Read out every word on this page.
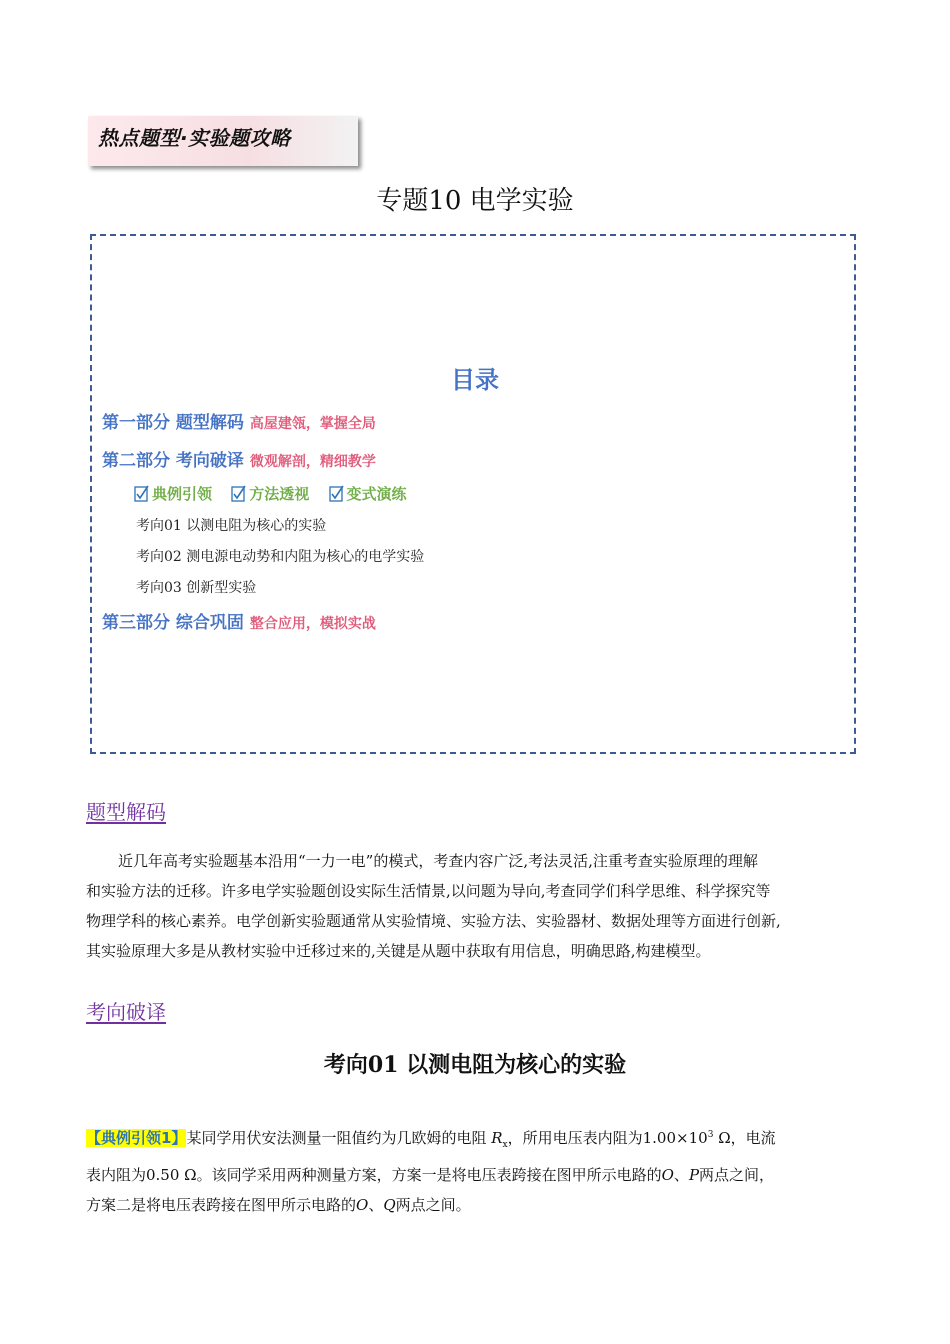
热点题型·实验题攻略
专题10 电学实验
目录
第一部分 题型解码 高屋建瓴，掌握全局
第二部分 考向破译 微观解剖，精细教学
典例引领 方法透视 变式演练
考向01 以测电阻为核心的实验
考向02 测电源电动势和内阻为核心的电学实验
考向03 创新型实验
第三部分 综合巩固 整合应用，模拟实战
题型解码
近几年高考实验题基本沿用“一力一电”的模式，考查内容广泛,考法灵活,注重考查实验原理的理解
和实验方法的迁移。许多电学实验题创设实际生活情景,以问题为导向,考查同学们科学思维、科学探究等
物理学科的核心素养。电学创新实验题通常从实验情境、实验方法、实验器材、数据处理等方面进行创新,
其实验原理大多是从教材实验中迁移过来的,关键是从题中获取有用信息，明确思路,构建模型。
考向破译
考向01 以测电阻为核心的实验
【典例引领1】某同学用伏安法测量一阻值约为几欧姆的电阻 $R_x$，所用电压表内阻为$1.00\times 10^3$ Ω，电流
表内阻为0.50 Ω。该同学采用两种测量方案，方案一是将电压表跨接在图甲所示电路的O、P两点之间，
方案二是将电压表跨接在图甲所示电路的O、Q两点之间。
